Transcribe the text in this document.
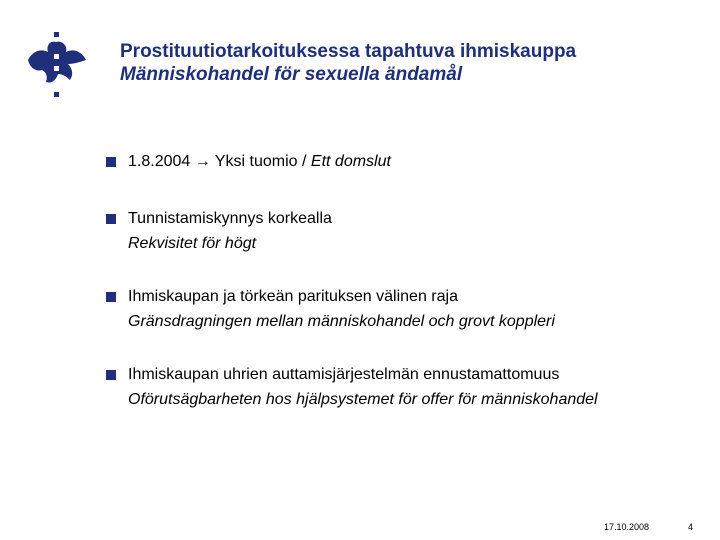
Prostituutiotarkoituksessa tapahtuva ihmiskauppa

Människohandel för sexuella ändamål

1.8.2004 → Yksi tuomio / Ett domslut
Tunnistamiskynnys korkealla
Rekvisitet för högt
Ihmiskaupan ja törkeän parituksen välinen raja
Gränsdragningen mellan människohandel och grovt koppleri
Ihmiskaupan uhrien auttamisjärjestelmän ennustamattomuus
Oförutsägbarheten hos hjälpsystemet för offer för människohandel
17.10.2008	4
